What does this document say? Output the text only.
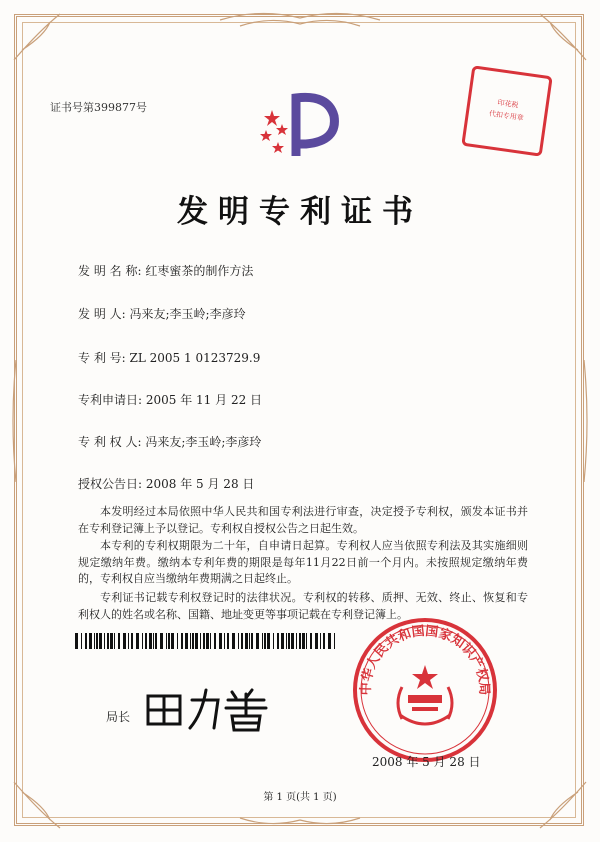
证书号第399877号	印花税
代扣专用章
发明专利证书
发 明 名 称: 红枣蜜茶的制作方法
发 明 人: 冯来友;李玉岭;李彦玲
专 利 号: ZL 2005 1 0123729.9
专利申请日: 2005 年 11 月 22 日
专 利 权 人: 冯来友;李玉岭;李彦玲
授权公告日: 2008 年 5 月 28 日
本发明经过本局依照中华人民共和国专利法进行审查，决定授予专利权，颁发本证书并在专利登记簿上予以登记。专利权自授权公告之日起生效。
本专利的专利权期限为二十年，自申请日起算。专利权人应当依照专利法及其实施细则规定缴纳年费。缴纳本专利年费的期限是每年11月22日前一个月内。未按照规定缴纳年费的，专利权自应当缴纳年费期满之日起终止。
专利证书记载专利权登记时的法律状况。专利权的转移、质押、无效、终止、恢复和专利权人的姓名或名称、国籍、地址变更等事项记载在专利登记簿上。
局长
中华人民共和国国家知识产权局
2008 年 5 月 28 日
第 1 页(共 1 页)
